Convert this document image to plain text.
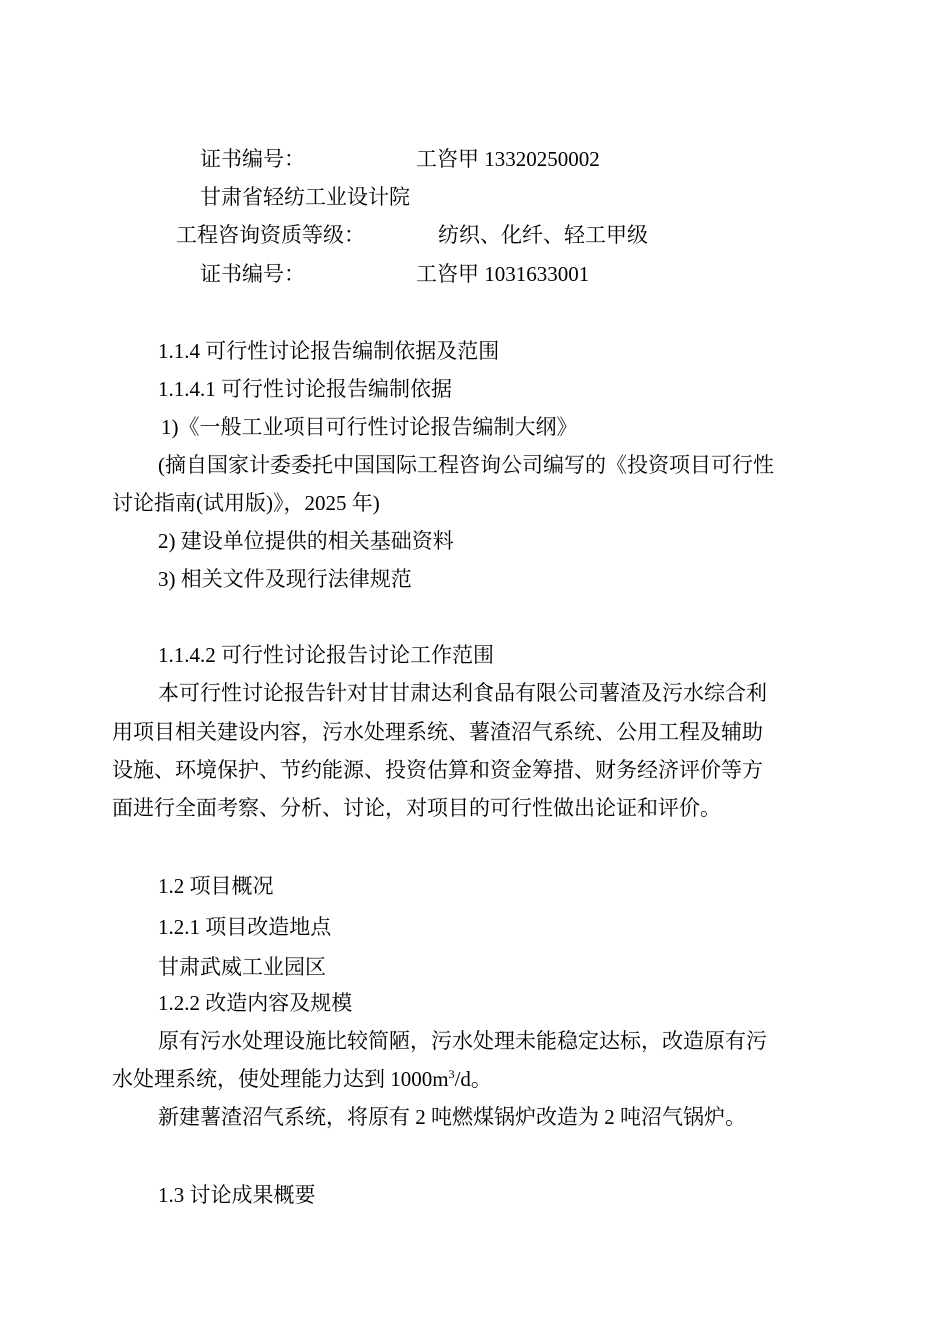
证书编号：	工咨甲 13320250002
甘肃省轻纺工业设计院
工程咨询资质等级：	纺织、化纤、轻工甲级
证书编号：	工咨甲 1031633001
1.1.4 可行性讨论报告编制依据及范围
1.1.4.1 可行性讨论报告编制依据
1)《一般工业项目可行性讨论报告编制大纲》
(摘自国家计委委托中国国际工程咨询公司编写的《投资项目可行性
讨论指南(试用版)》，2025 年)
2) 建设单位提供的相关基础资料
3) 相关文件及现行法律规范
1.1.4.2 可行性讨论报告讨论工作范围
本可行性讨论报告针对甘甘肃达利食品有限公司薯渣及污水综合利
用项目相关建设内容，污水处理系统、薯渣沼气系统、公用工程及辅助
设施、环境保护、节约能源、投资估算和资金筹措、财务经济评价等方
面进行全面考察、分析、讨论，对项目的可行性做出论证和评价。
1.2 项目概况
1.2.1 项目改造地点
甘肃武威工业园区
1.2.2 改造内容及规模
原有污水处理设施比较简陋，污水处理未能稳定达标，改造原有污
水处理系统，使处理能力达到 $1000m^3/d$。
新建薯渣沼气系统，将原有 2 吨燃煤锅炉改造为 2 吨沼气锅炉。
1.3 讨论成果概要
